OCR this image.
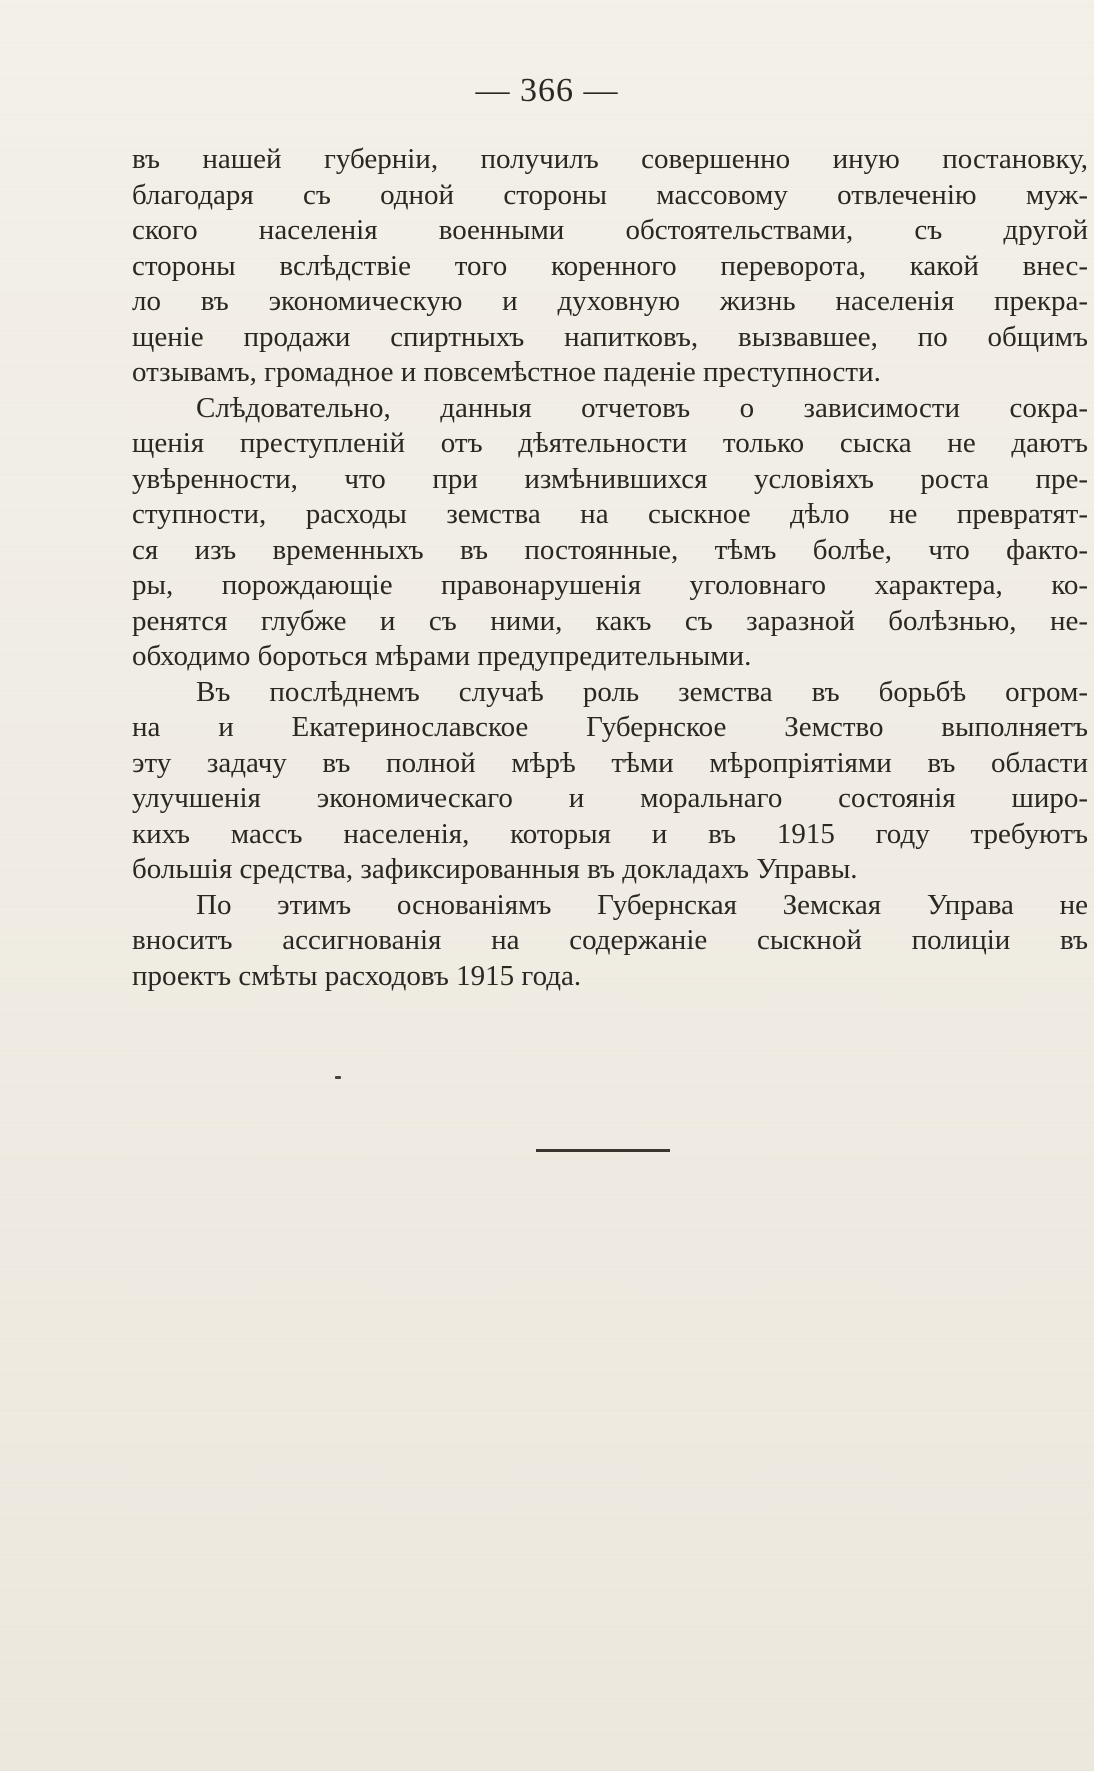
— 366 —

въ нашей губерніи, получилъ совершенно иную постановку,
благодаря съ одной стороны массовому отвлеченію муж-
ского населенія военными обстоятельствами, съ другой
стороны вслѣдствіе того коренного переворота, какой внес-
ло въ экономическую и духовную жизнь населенія прекра-
щеніе продажи спиртныхъ напитковъ, вызвавшее, по общимъ
отзывамъ, громадное и повсемѣстное паденіе преступности.

Слѣдовательно, данныя отчетовъ о зависимости сокра-
щенія преступленій отъ дѣятельности только сыска не даютъ
увѣренности, что при измѣнившихся условіяхъ роста пре-
ступности, расходы земства на сыскное дѣло не превратят-
ся изъ временныхъ въ постоянные, тѣмъ болѣе, что факто-
ры, порождающіе правонарушенія уголовнаго характера, ко-
ренятся глубже и съ ними, какъ съ заразной болѣзнью, не-
обходимо бороться мѣрами предупредительными.

Въ послѣднемъ случаѣ роль земства въ борьбѣ огром-
на и Екатеринославское Губернское Земство выполняетъ
эту задачу въ полной мѣрѣ тѣми мѣропріятіями въ области
улучшенія экономическаго и моральнаго состоянія широ-
кихъ массъ населенія, которыя и въ 1915 году требуютъ
большія средства, зафиксированныя въ докладахъ Управы.

По этимъ основаніямъ Губернская Земская Управа не
вноситъ ассигнованія на содержаніе сыскной полиціи въ
проектъ смѣты расходовъ 1915 года.
